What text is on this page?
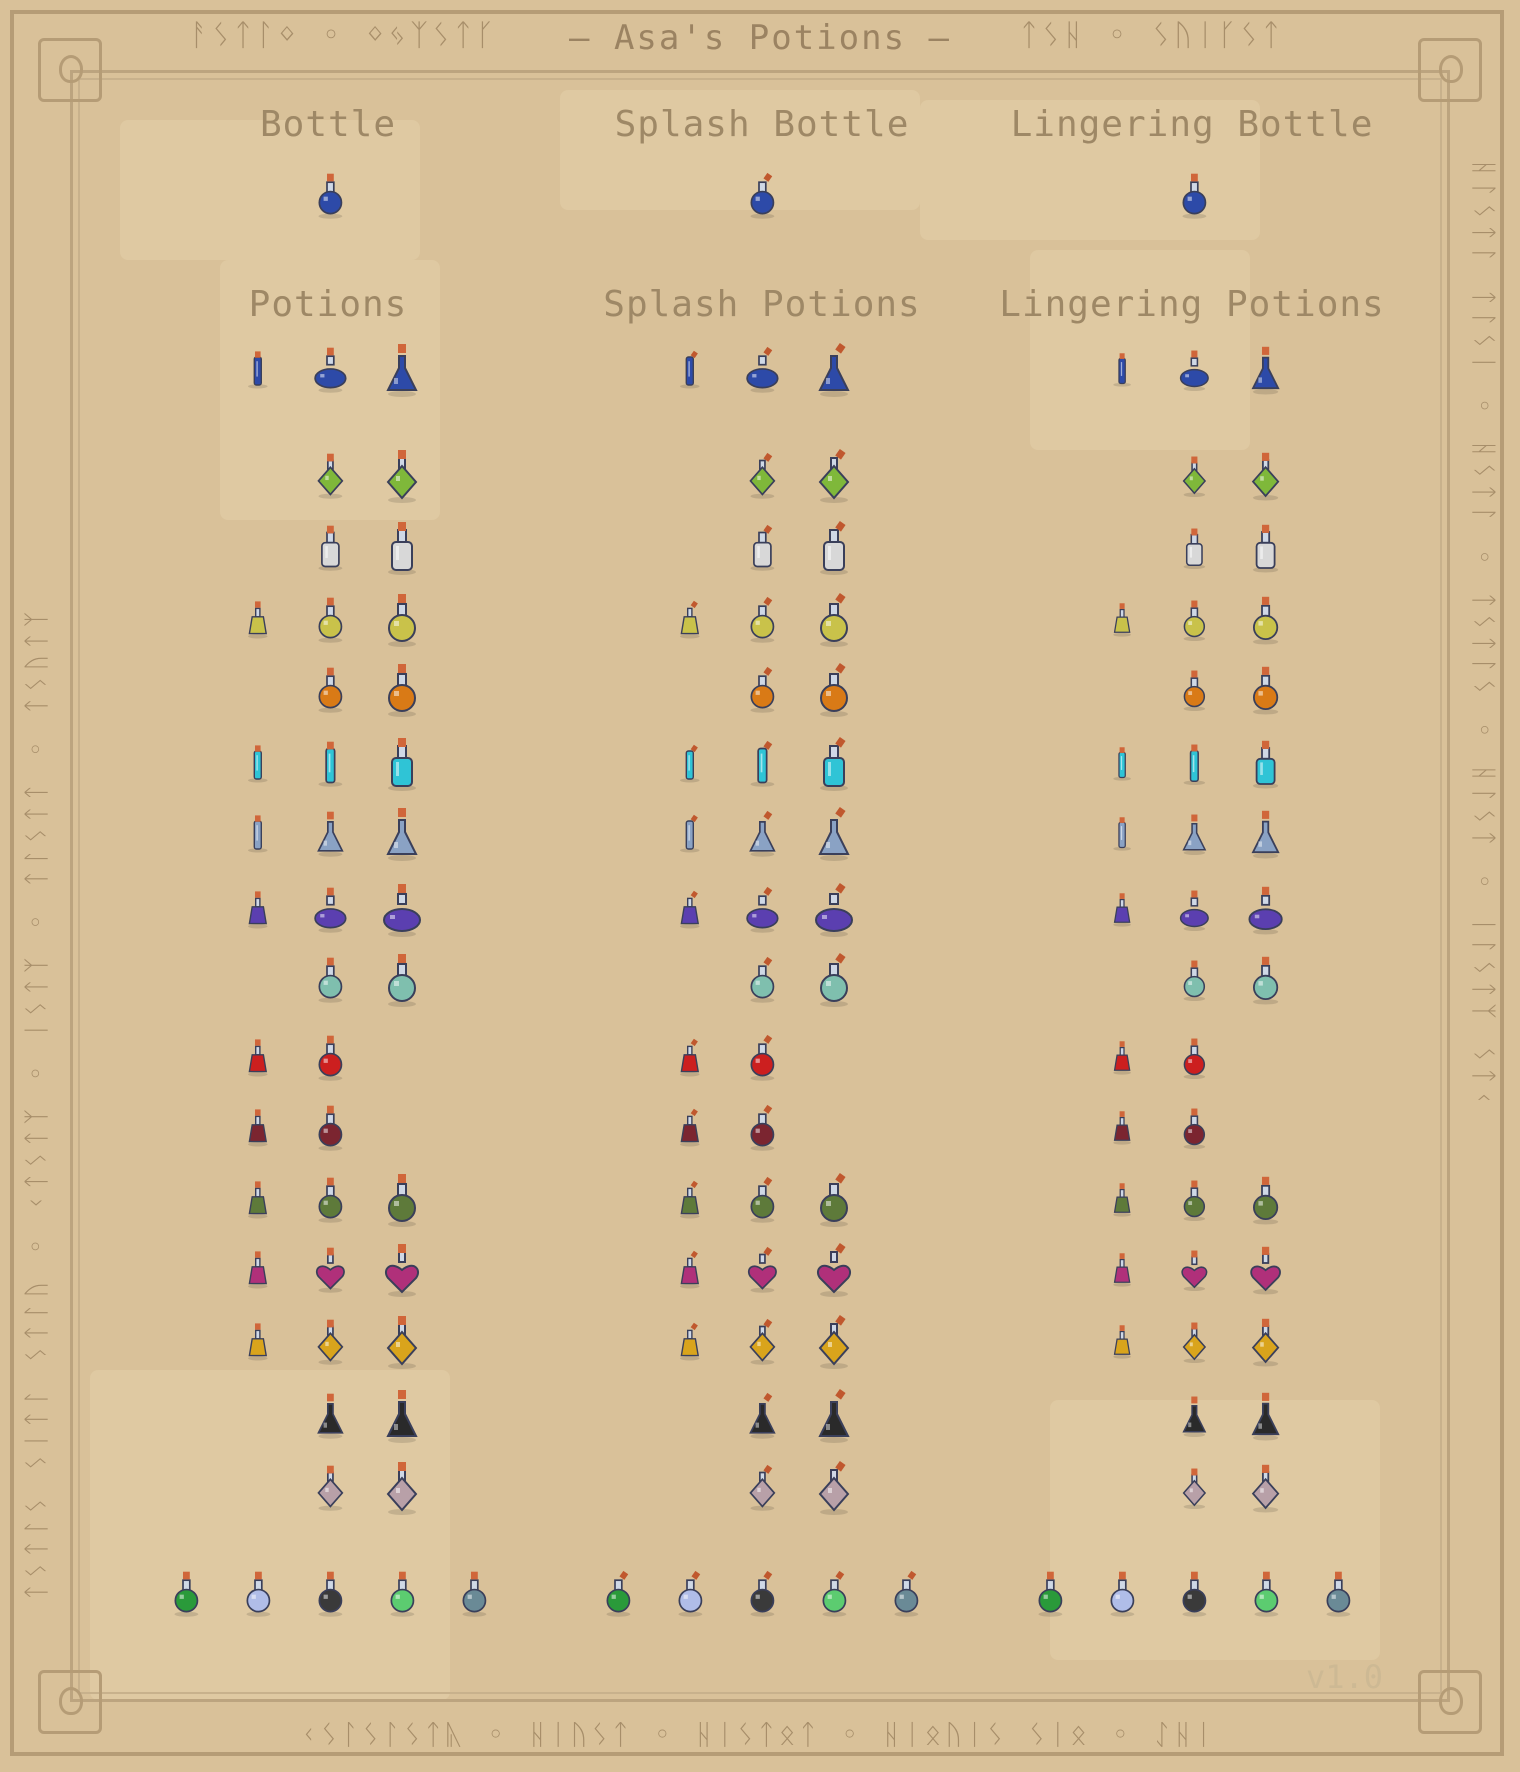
ᚨᛊᛏᛚᛜ ◦ ᛜᛃᛉᛊᛏᚴ	— Asa's Potions —	ᛏᛊᚺ ◦ ᛊᚢᛁᚴᛊᛏ
ᚲᛊᛚᛊᛚᛊᛏᚣ ◦ ᚺᛁᚢᛊᛏ ◦ ᚺᛁᛊᛏᛟᛏ ◦ ᚺᛁᛟᚢᛁᛊ ᛊᛁᛟ ◦ ᛇᚺᛁ
ᛏᛊᛏᛚᛊ ᛊᛁᛏᛚ ᛊᛏᛚᚢ ◦ ᚲᛏᛊᛏᛉ ◦ ᛁᛊᛏᛉ ◦ ᛏᛚᛊᛏᛏ ◦ ᛏᛊᚢᛏᛉ	ᚺᛚᛊᛏᛚ ᛏᛚᛊᛁ ◦ ᚺᛊᛏᛚ ◦ ᛏᛊᛏᛚᛊ ◦ ᚺᛚᛊᛏ ◦ ᛁᛚᛊᛏᛉ ᛊᛏᚲ
Bottle	Splash Bottle	Lingering Bottle
Potions	Splash Potions	Lingering Potions
v1.0
